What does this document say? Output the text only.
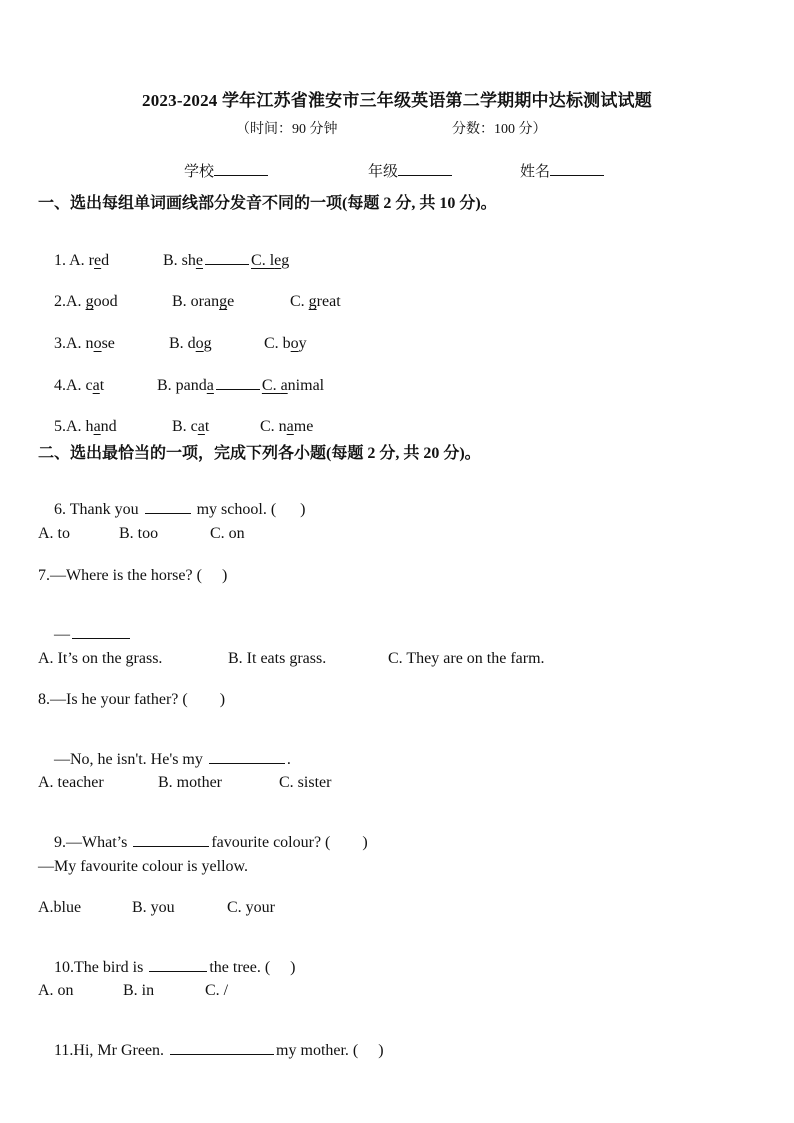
2023-2024 学年江苏省淮安市三年级英语第二学期期中达标测试试题
（时间：90 分钟	分数：100 分）
学校	年级	姓名
一、选出每组单词画线部分发音不同的一项(每题 2 分, 共 10 分)。

1. A. red
	B. she	C. leg

2.A. good
	B. orange
	C. great

3.A. nose
	B. dog
	C. boy

4.A. cat
	B. panda	C. animal

5.A. hand
	B. cat
	C. name

二、选出最恰当的一项，完成下列各小题(每题 2 分, 共 20 分)。

6. Thank you	my school. (      )

A. to	B. too	C. on
7.—Where is the horse? (     )

—

A. It’s on the grass.	B. It eats grass.	C. They are on the farm.
8.—Is he your father? (        )

—No, he isn't. He's my	.

A. teacher	B. mother	C. sister

9.—What’s	favourite colour? (        )

—My favourite colour is yellow.
A.blue	B. you	C. your

10.The bird is	the tree. (     )

A. on	B. in	C. /

11.Hi, Mr Green.	my mother. (     )
